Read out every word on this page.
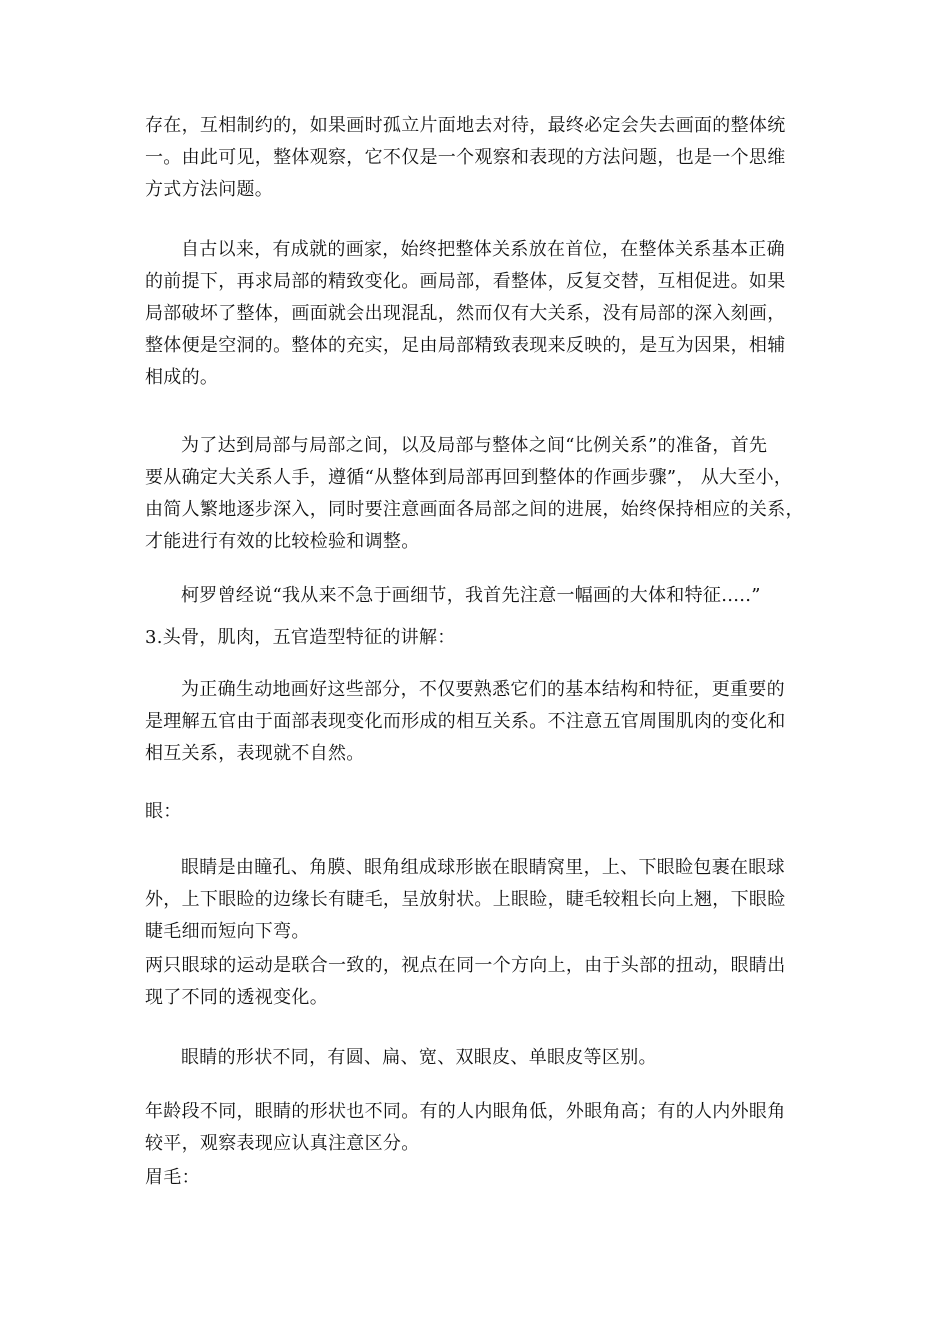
存在，互相制约的，如果画时孤立片面地去对待，最终必定会失去画面的整体统
一。由此可见，整体观察，它不仅是一个观察和表现的方法问题，也是一个思维
方式方法问题。

自古以来，有成就的画家，始终把整体关系放在首位，在整体关系基本正确
的前提下，再求局部的精致变化。画局部，看整体，反复交替，互相促进。如果
局部破坏了整体，画面就会出现混乱，然而仅有大关系，没有局部的深入刻画，
整体便是空洞的。整体的充实，足由局部精致表现来反映的，是互为因果，相辅
相成的。

为了达到局部与局部之间，以及局部与整体之间“比例关系”的准备，首先
要从确定大关系人手，遵循“从整体到局部再回到整体的作画步骤”， 从大至小，
由简人繁地逐步深入，同时要注意画面各局部之间的进展，始终保持相应的关系，
才能进行有效的比较检验和调整。

柯罗曾经说“我从来不急于画细节，我首先注意一幅画的大体和特征.....”

3.头骨，肌肉，五官造型特征的讲解：

为正确生动地画好这些部分，不仅要熟悉它们的基本结构和特征，更重要的
是理解五官由于面部表现变化而形成的相互关系。不注意五官周围肌肉的变化和
相互关系，表现就不自然。

眼：

眼睛是由瞳孔、角膜、眼角组成球形嵌在眼睛窝里，上、下眼睑包裹在眼球
外，上下眼睑的边缘长有睫毛，呈放射状。上眼睑，睫毛较粗长向上翘，下眼睑
睫毛细而短向下弯。

两只眼球的运动是联合一致的，视点在同一个方向上，由于头部的扭动，眼睛出
现了不同的透视变化。

眼睛的形状不同，有圆、扁、宽、双眼皮、单眼皮等区别。

年龄段不同，眼睛的形状也不同。有的人内眼角低，外眼角高；有的人内外眼角
较平，观察表现应认真注意区分。

眉毛：
